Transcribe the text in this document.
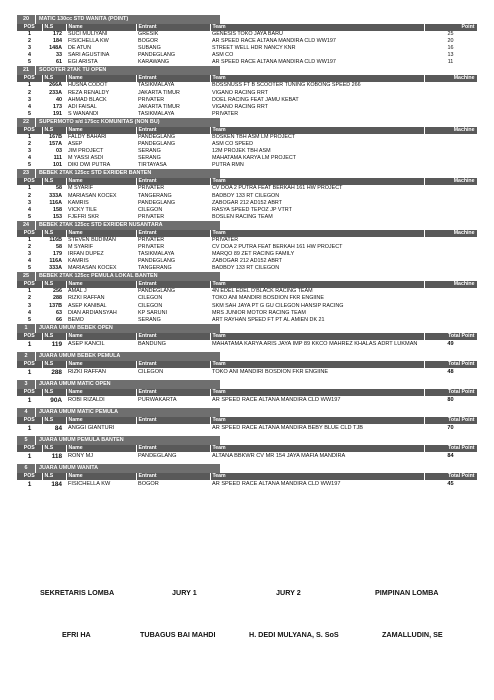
20	MATIC 130cc STD WANITA (POINT)
POS	N.S	Name	Entrant	Team	Point
1	172	SUCI MULIYANI	GRESIK	GENESIS TOKO JAYA BARU	25
2	184	FISICHELLA KW	BOGOR	AR SPEED RACE ALTANA MANDIRA CLD WW197	20
3	148A	DE ATUN	SUBANG	STREET WELL HDR NANCY KNR	16
4	33	SARI AGUSTINA	PANDEGLANG	ASM CO	13
5	61	EGI ARISTA	KARAWANG	AR SPEED RACE ALTANA MANDIRA CLD WW197	11
21	SCOOTER 2TAK TU OPEN
POS	N.S	Name	Entrant	Team	Machine
1	266A	HUSNA CODOT	TASIKMALAYA	BOSSNUSS FT B SCOOTER TUNING KOBONG SPEED 266	
2	233A	REZA RENALDY	JAKARTA TIMUR	VIGANO RACING RRT	
3	40	AHMAD BLACK	PRIVATER	DOEL RACING FEAT JAMU KEBAT	
4	173	ADI FAISAL	JAKARTA TIMUR	VIGANO RACING RRT	
5	191	S WANANDI	TASIKMALAYA	PRIVATER	
22	SUPERMOTO s/d 175cc KOMUNITAS (NON BU)
POS	N.S	Name	Entrant	Team	Machine
1	167B	FALDY BAHARI	PANDEGLANG	BOSKEN TBH ASM LM PROJECT	
2	157A	ASEP	PANDEGLANG	ASM CO SPEED	
3	03	JIM PROJECT	SERANG	12M PROJEK TBH ASM	
4	111	M YASSI ASDI	SERANG	MAHATAMA KARYA LM PROJECT	
5	101	DIKI DWI PUTRA	TIRTAYASA	PUTRA RMN	
23	BEBEK 2TAK 125cc STD EXRIDER BANTEN
POS	N.S	Name	Entrant	Team	Machine
1	58	M SYARIF	PRIVATER	CV DOA 2 PUTRA FEAT BERKAH 161 HW PROJECT	
2	333A	MARIASAN KOCEX	TANGERANG	BADBOY 133 RT CILEGON	
3	116A	KAMRIS	PANDEGLANG	ZABOGAR 212 AD152 ABRT	
4	158	VICKY TILE	CILEGON	RASYA SPEED TEPOZ JP VTRT	
5	153	FJEFRI SKR	PRIVATER	BOSLEN RACING TEAM	
24	BEBEK 2TAK 125cc STD EXRIDER NUSANTARA
POS	N.S	Name	Entrant	Team	Machine
1	116B	STEVEN BUDIMAN	PRIVATER	PRIVATER	
2	58	M SYARIF	PRIVATER	CV DOA 2 PUTRA FEAT BERKAH 161 HW PROJECT	
3	179	IRFAN DUPEZ	TASIKMALAYA	MARQO 89 ZET RACING FAMILY	
4	116A	KAMRIS	PANDEGLANG	ZABOGAR 212 AD152 ABRT	
5	333A	MARIASAN KOCEX	TANGERANG	BADBOY 133 RT CILEGON	
25	BEBEK 2TAK 125cc PEMULA LOKAL BANTEN
POS	N.S	Name	Entrant	Team	Machine
1	256	AMAL J	PANDEGLANG	4N EDEL EDEL D'BLACK RACING TEAM	
2	288	RIZKI RAFFAN	CILEGON	TOKO ANI MANDIRI BOSDION FKR ENGIINE	
3	137B	ASEP KANIBAL	CILEGON	SKM SAH JAYA PT G GU CILEGON HANSIP RACING	
4	63	DIAN ARDIANSYAH	KP SARUNI	MRS JUNIOR MOTOR RACING TEAM	
5	66	BEMO	SERANG	ART RAYHAN SPEED FT PT AL AMIEN DK 21	
1	JUARA UMUM BEBEK OPEN
POS	N.S	Name	Entrant	Team	Total Point
1	119	ASEP KANCIL	BANDUNG	MAHATAMA KARYA ARIS JAYA IMP 89 KKCO MAHREZ KHALAS ADRT LUKMAN	49

2	JUARA UMUM BEBEK PEMULA
POS	N.S	Name	Entrant	Team	Total Point
1	288	RIZKI RAFFAN	CILEGON	TOKO ANI MANDIRI BOSDION FKR ENGIINE	48

3	JUARA UMUM MATIC OPEN
POS	N.S	Name	Entrant	Team	Total Point
1	90A	ROBI RIZALDI	PURWAKARTA	AR SPEED RACE ALTANA MANDIRA CLD WW197	80

4	JUARA UMUM MATIC PEMULA
POS	N.S	Name	Entrant	Team	Total Point
1	84	ANGGI GIANTURI		AR SPEED RACE ALTANA MANDIRA BEBY BLUE CLD TJB	70

5	JUARA UMUM PEMULA BANTEN
POS	N.S	Name	Entrant	Team	Total Point
1	118	RONY MJ	PANDEGLANG	ALTANA BBKWR CV MR 154 JAYA MAFIA MANDIRA	84

6	JUARA UMUM WANITA
POS	N.S	Name	Entrant	Team	Total Point
1	184	FISICHELLA KW	BOGOR	AR SPEED RACE ALTANA MANDIRA CLD WW197	45

SEKRETARIS LOMBA	JURY 1	JURY 2	PIMPINAN LOMBA
EFRI HA	TUBAGUS BAI MAHDI	H. DEDI MULYANA, S. SoS	ZAMALLUDIN, SE
